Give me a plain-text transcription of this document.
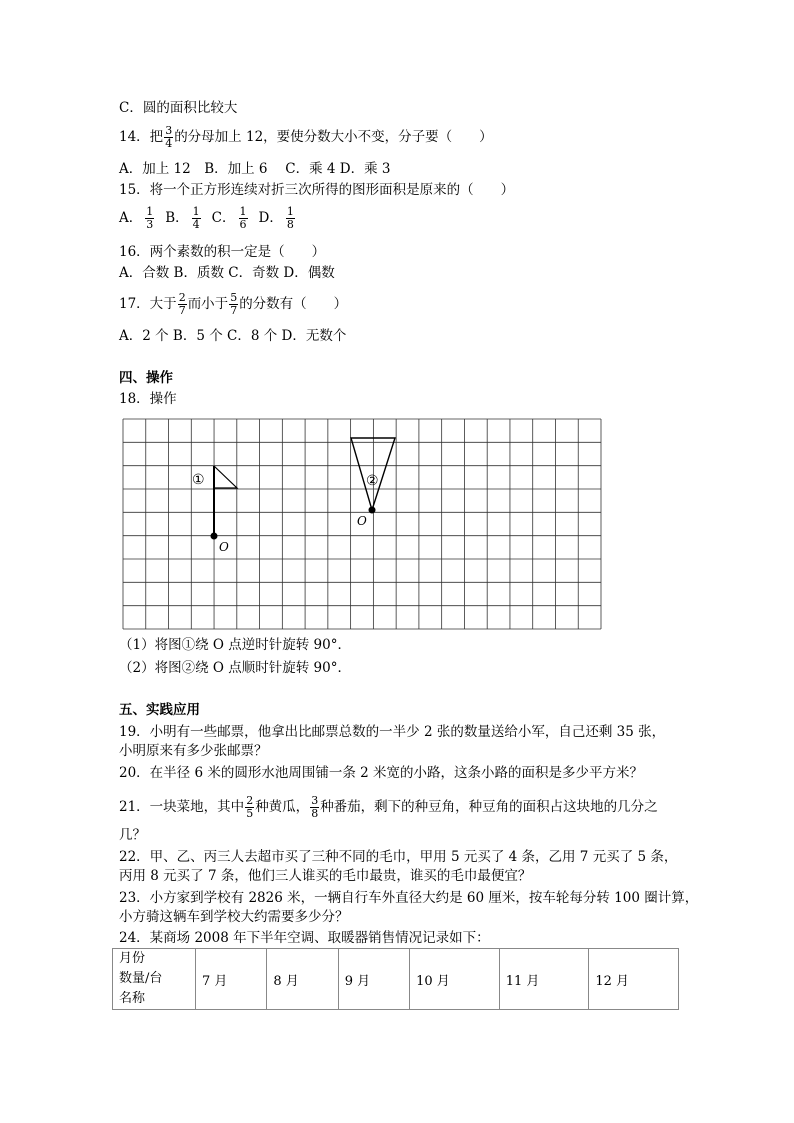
C．圆的面积比较大
14．把 $\frac{3}{4}$ 的分母加上 12，要使分数大小不变，分子要（　　）
A．加上 12　B．加上 6　 C．乘 4 D．乘 3
15．将一个正方形连续对折三次所得的图形面积是原来的（　　）
A． $\frac{1}{3}$ B． $\frac{1}{4}$ C． $\frac{1}{6}$ D． $\frac{1}{8}$
16．两个素数的积一定是（　　）
A．合数 B．质数 C．奇数 D．偶数
17．大于 $\frac{2}{7}$ 而小于 $\frac{5}{7}$ 的分数有（　　）
A．2 个 B．5 个 C．8 个 D．无数个
四、操作
18．操作
①
O
②
O
（1）将图①绕 O 点逆时针旋转 90°．
（2）将图②绕 O 点顺时针旋转 90°．
五、实践应用
19．小明有一些邮票，他拿出比邮票总数的一半少 2 张的数量送给小军，自己还剩 35 张，
小明原来有多少张邮票？
20．在半径 6 米的圆形水池周围铺一条 2 米宽的小路，这条小路的面积是多少平方米？
21．一块菜地，其中 $\frac{2}{5}$ 种黄瓜， $\frac{3}{8}$ 种番茄，剩下的种豆角，种豆角的面积占这块地的几分之
几？
22．甲、乙、丙三人去超市买了三种不同的毛巾，甲用 5 元买了 4 条，乙用 7 元买了 5 条，
丙用 8 元买了 7 条，他们三人谁买的毛巾最贵，谁买的毛巾最便宜？
23．小方家到学校有 2826 米，一辆自行车外直径大约是 60 厘米，按车轮每分转 100 圈计算，
小方骑这辆车到学校大约需要多少分？
24．某商场 2008 年下半年空调、取暖器销售情况记录如下：
月份
数量/台
名称
	7 月	8 月	9 月	10 月	11 月	12 月
